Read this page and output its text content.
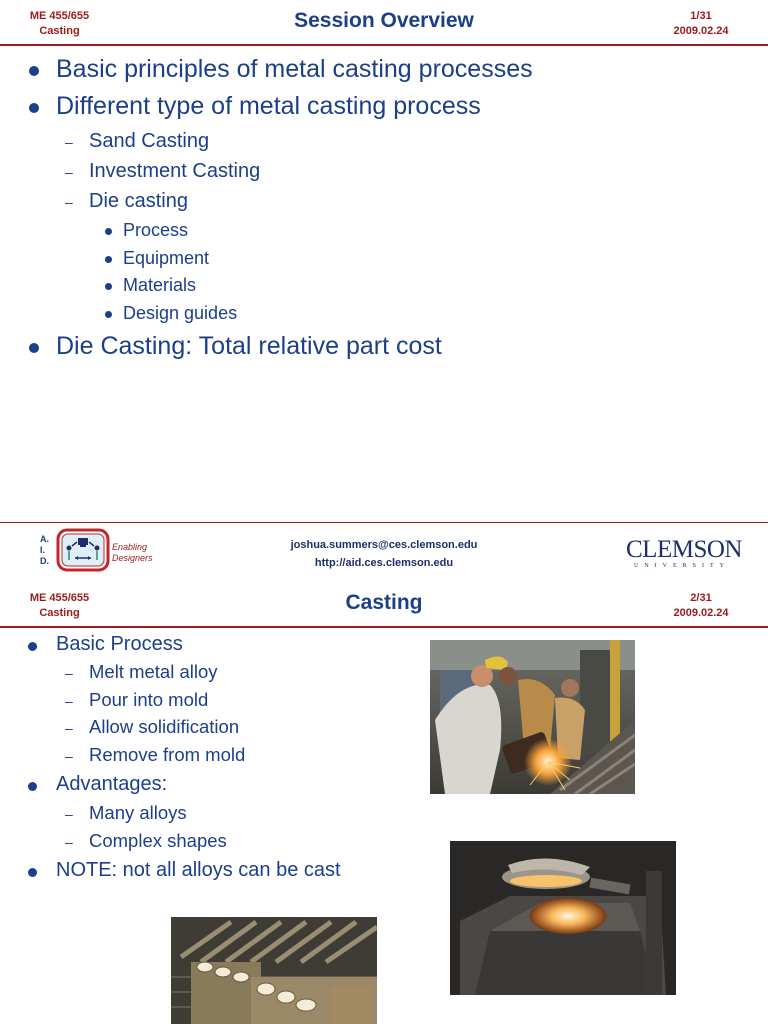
ME 455/655
Casting	Session Overview	1/31
2009.02.24
Basic principles of metal casting processes
Different type of metal casting process
– Sand Casting
– Investment Casting
– Die casting
Process
Equipment
Materials
Design guides
Die Casting: Total relative part cost
A.
I.
D.
Enabling
Designers
joshua.summers@ces.clemson.edu
http://aid.ces.clemson.edu	CLEMSON
UNIVERSITY
ME 455/655
Casting	Casting	2/31
2009.02.24
Basic Process
– Melt metal alloy
– Pour into mold
– Allow solidification
– Remove from mold
Advantages:
– Many alloys
– Complex shapes
NOTE: not all alloys can be cast
